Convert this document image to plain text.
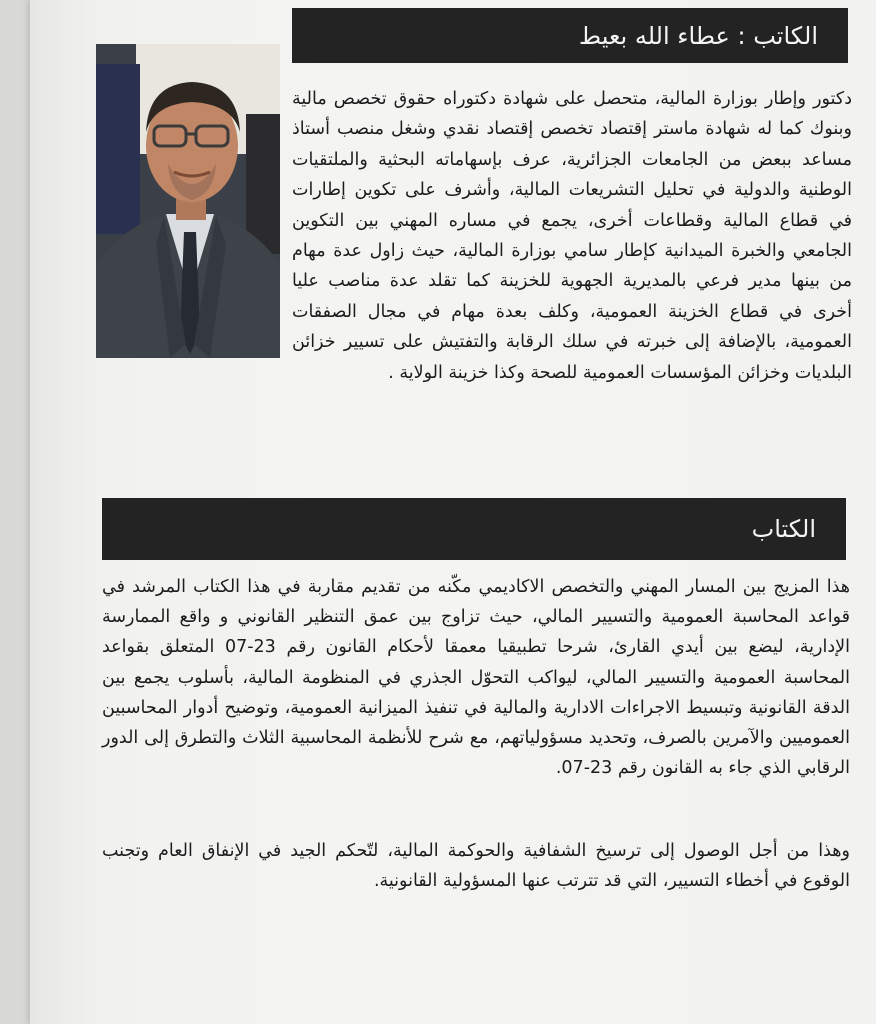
الكاتب : عطاء الله بعيط

دكتور وإطار بوزارة المالية، متحصل على شهادة دكتوراه حقوق تخصص مالية وبنوك كما له شهادة ماستر إقتصاد تخصص إقتصاد نقدي وشغل منصب أستاذ مساعد ببعض من الجامعات الجزائرية، عرف بإسهاماته البحثية والملتقيات الوطنية والدولية في تحليل التشريعات المالية، وأشرف على تكوين إطارات في قطاع المالية وقطاعات أخرى، يجمع في مساره المهني بين التكوين الجامعي والخبرة الميدانية كإطار سامي بوزارة المالية، حيث زاول عدة مهام من بينها مدير فرعي بالمديرية الجهوية للخزينة كما تقلد عدة مناصب عليا أخرى في قطاع الخزينة العمومية، وكلف بعدة مهام في مجال الصفقات العمومية، بالإضافة إلى خبرته في سلك الرقابة والتفتيش على تسيير خزائن البلديات وخزائن المؤسسات العمومية للصحة وكذا خزينة الولاية .

الكتاب

هذا المزيج بين المسار المهني والتخصص الاكاديمي مكّنه من تقديم مقاربة في هذا الكتاب المرشد في قواعد المحاسبة العمومية والتسيير المالي، حيث تزاوج بين عمق التنظير القانوني و واقع الممارسة الإدارية، ليضع بين أيدي القارئ، شرحا تطبيقيا معمقا لأحكام القانون رقم 23-07 المتعلق بقواعد المحاسبة العمومية والتسيير المالي، ليواكب التحوّل الجذري في المنظومة المالية، بأسلوب يجمع بين الدقة القانونية وتبسيط الاجراءات الادارية والمالية في تنفيذ الميزانية العمومية، وتوضيح أدوار المحاسبين العموميين والآمرين بالصرف، وتحديد مسؤولياتهم، مع شرح للأنظمة المحاسبية الثلاث والتطرق إلى الدور الرقابي الذي جاء به القانون رقم 23-07.

وهذا من أجل الوصول إلى ترسيخ الشفافية والحوكمة المالية، لتّحكم الجيد في الإنفاق العام وتجنب الوقوع في أخطاء التسيير، التي قد تترتب عنها المسؤولية القانونية.
